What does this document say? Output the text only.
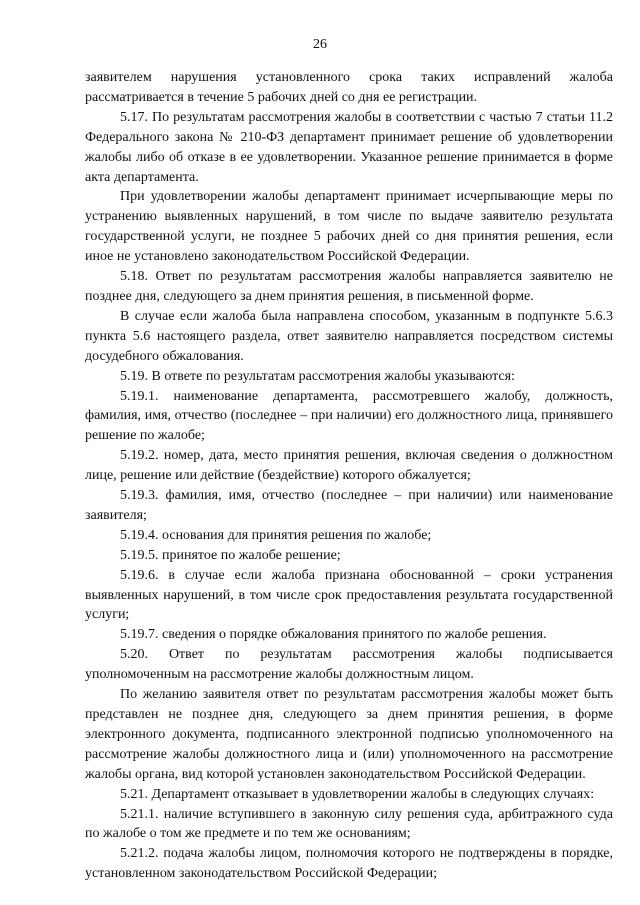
26

заявителем нарушения установленного срока таких исправлений жалоба рассматривается в течение 5 рабочих дней со дня ее регистрации.

5.17. По результатам рассмотрения жалобы в соответствии с частью 7 статьи 11.2 Федерального закона № 210-ФЗ департамент принимает решение об удовлетворении жалобы либо об отказе в ее удовлетворении. Указанное решение принимается в форме акта департамента.

При удовлетворении жалобы департамент принимает исчерпывающие меры по устранению выявленных нарушений, в том числе по выдаче заявителю результата государственной услуги, не позднее 5 рабочих дней со дня принятия решения, если иное не установлено законодательством Российской Федерации.

5.18. Ответ по результатам рассмотрения жалобы направляется заявителю не позднее дня, следующего за днем принятия решения, в письменной форме.

В случае если жалоба была направлена способом, указанным в подпункте 5.6.3 пункта 5.6 настоящего раздела, ответ заявителю направляется посредством системы досудебного обжалования.

5.19. В ответе по результатам рассмотрения жалобы указываются:

5.19.1. наименование департамента, рассмотревшего жалобу, должность, фамилия, имя, отчество (последнее – при наличии) его должностного лица, принявшего решение по жалобе;

5.19.2. номер, дата, место принятия решения, включая сведения о должностном лице, решение или действие (бездействие) которого обжалуется;

5.19.3. фамилия, имя, отчество (последнее – при наличии) или наименование заявителя;

5.19.4. основания для принятия решения по жалобе;

5.19.5. принятое по жалобе решение;

5.19.6. в случае если жалоба признана обоснованной – сроки устранения выявленных нарушений, в том числе срок предоставления результата государственной услуги;

5.19.7. сведения о порядке обжалования принятого по жалобе решения.

5.20. Ответ по результатам рассмотрения жалобы подписывается уполномоченным на рассмотрение жалобы должностным лицом.

По желанию заявителя ответ по результатам рассмотрения жалобы может быть представлен не позднее дня, следующего за днем принятия решения, в форме электронного документа, подписанного электронной подписью уполномоченного на рассмотрение жалобы должностного лица и (или) уполномоченного на рассмотрение жалобы органа, вид которой установлен законодательством Российской Федерации.

5.21. Департамент отказывает в удовлетворении жалобы в следующих случаях:

5.21.1. наличие вступившего в законную силу решения суда, арбитражного суда по жалобе о том же предмете и по тем же основаниям;

5.21.2. подача жалобы лицом, полномочия которого не подтверждены в порядке, установленном законодательством Российской Федерации;
